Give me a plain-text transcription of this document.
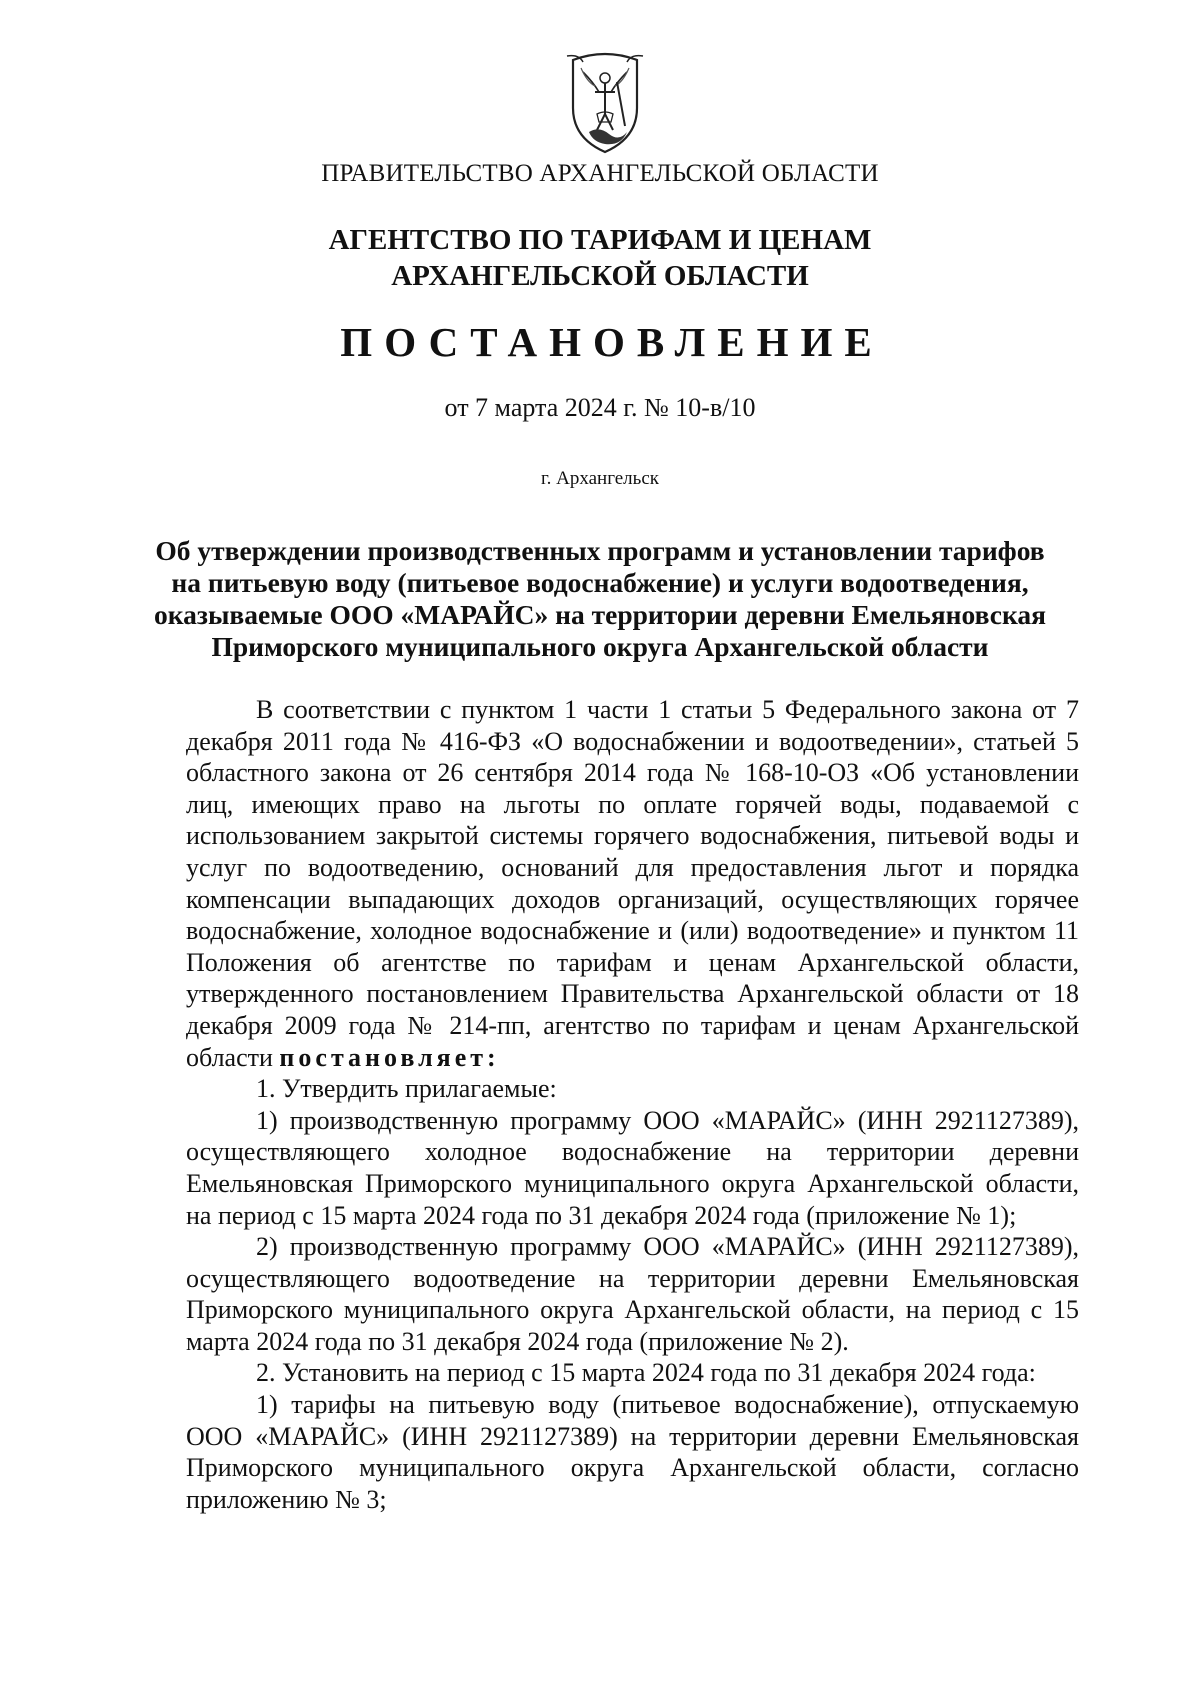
ПРАВИТЕЛЬСТВО АРХАНГЕЛЬСКОЙ ОБЛАСТИ
АГЕНТСТВО ПО ТАРИФАМ И ЦЕНАМ
АРХАНГЕЛЬСКОЙ ОБЛАСТИ
ПОСТАНОВЛЕНИЕ
от 7 марта 2024 г. № 10-в/10
г. Архангельск
Об утверждении производственных программ и установлении тарифов
на питьевую воду (питьевое водоснабжение) и услуги водоотведения,
оказываемые ООО «МАРАЙС» на территории деревни Емельяновская
Приморского муниципального округа Архангельской области

В соответствии с пунктом 1 части 1 статьи 5 Федерального закона от 7 декабря 2011 года № 416-ФЗ «О водоснабжении и водоотведении», статьей 5 областного закона от 26 сентября 2014 года № 168-10-ОЗ «Об установлении лиц, имеющих право на льготы по оплате горячей воды, подаваемой с использованием закрытой системы горячего водоснабжения, питьевой воды и услуг по водоотведению, оснований для предоставления льгот и порядка компенсации выпадающих доходов организаций, осуществляющих горячее водоснабжение, холодное водоснабжение и (или) водоотведение» и пунктом 11 Положения об агентстве по тарифам и ценам Архангельской области, утвержденного постановлением Правительства Архангельской области от 18 декабря 2009 года № 214-пп, агентство по тарифам и ценам Архангельской области постановляет:

1. Утвердить прилагаемые:

1) производственную программу ООО «МАРАЙС» (ИНН 2921127389), осуществляющего холодное водоснабжение на территории деревни Емельяновская Приморского муниципального округа Архангельской области, на период с 15 марта 2024 года по 31 декабря 2024 года (приложение № 1);

2) производственную программу ООО «МАРАЙС» (ИНН 2921127389), осуществляющего водоотведение на территории деревни Емельяновская Приморского муниципального округа Архангельской области, на период с 15 марта 2024 года по 31 декабря 2024 года (приложение № 2).

2. Установить на период с 15 марта 2024 года по 31 декабря 2024 года:

1) тарифы на питьевую воду (питьевое водоснабжение), отпускаемую ООО «МАРАЙС» (ИНН 2921127389) на территории деревни Емельяновская Приморского муниципального округа Архангельской области, согласно приложению № 3;
